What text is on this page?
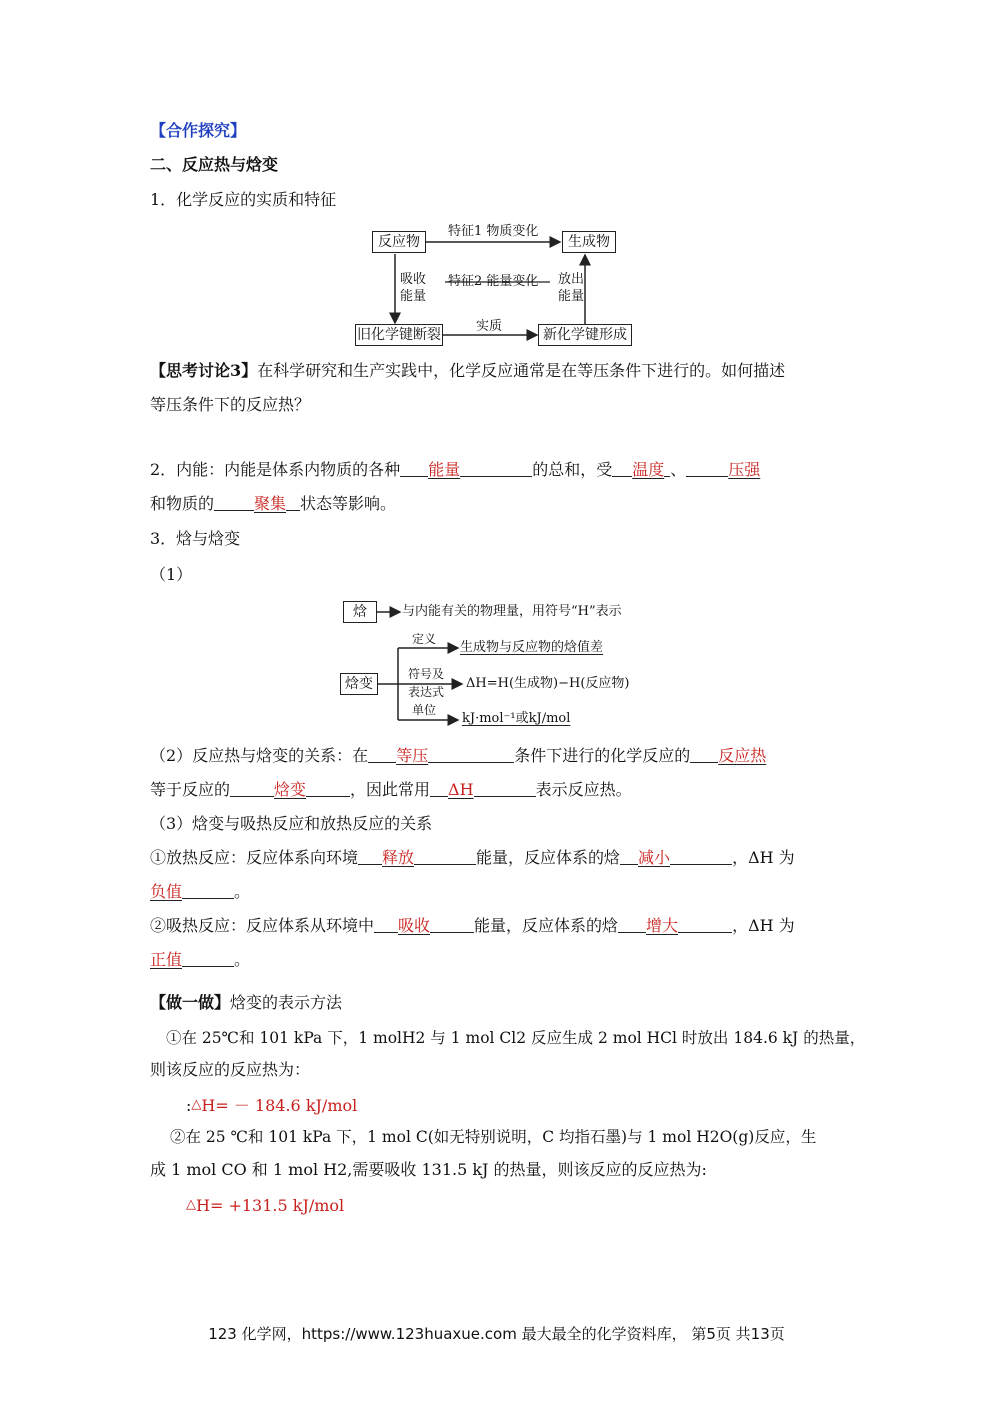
【合作探究】
二、反应热与焓变
1．化学反应的实质和特征
反应物	生成物
旧化学键断裂	新化学键形成
特征1 物质变化
特征2 能量变化
吸收
能量
放出
能量
实质
【思考讨论3】在科学研究和生产实践中，化学反应通常是在等压条件下进行的。如何描述
等压条件下的反应热？
2．内能：内能是体系内物质的各种 能量	的总和，受 温度 、	压强
和物质的	聚集 状态等影响。
3．焓与焓变
（1）
焓
焓变
与内能有关的物理量，用符号“H”表示
定义
生成物与反应物的焓值差
符号及
表达式
ΔH=H(生成物)−H(反应物)
单位
kJ·mol⁻¹或kJ/mol
（2）反应热与焓变的关系：在 等压	条件下进行的化学反应的 反应热
等于反应的	焓变	，因此常用 ΔH	表示反应热。
（3）焓变与吸热反应和放热反应的关系
①放热反应：反应体系向环境 释放	能量，反应体系的焓 减小	，ΔH 为
负值	。
②吸热反应：反应体系从环境中 吸收	能量，反应体系的焓 增大	，ΔH 为
正值	。
【做一做】焓变的表示方法
①在 25℃和 101 kPa 下，1 molH2 与 1 mol Cl2 反应生成 2 mol HCl 时放出 184.6 kJ 的热量，
则该反应的反应热为：
:△H= － 184.6 kJ/mol
②在 25 ℃和 101 kPa 下，1 mol C(如无特别说明，C 均指石墨)与 1 mol H2O(g)反应，生
成 1 mol CO 和 1 mol H2,需要吸收 131.5 kJ 的热量，则该反应的反应热为:
△H= +131.5 kJ/mol
123 化学网，https://www.123huaxue.com 最大最全的化学资料库， 第5页 共13页
